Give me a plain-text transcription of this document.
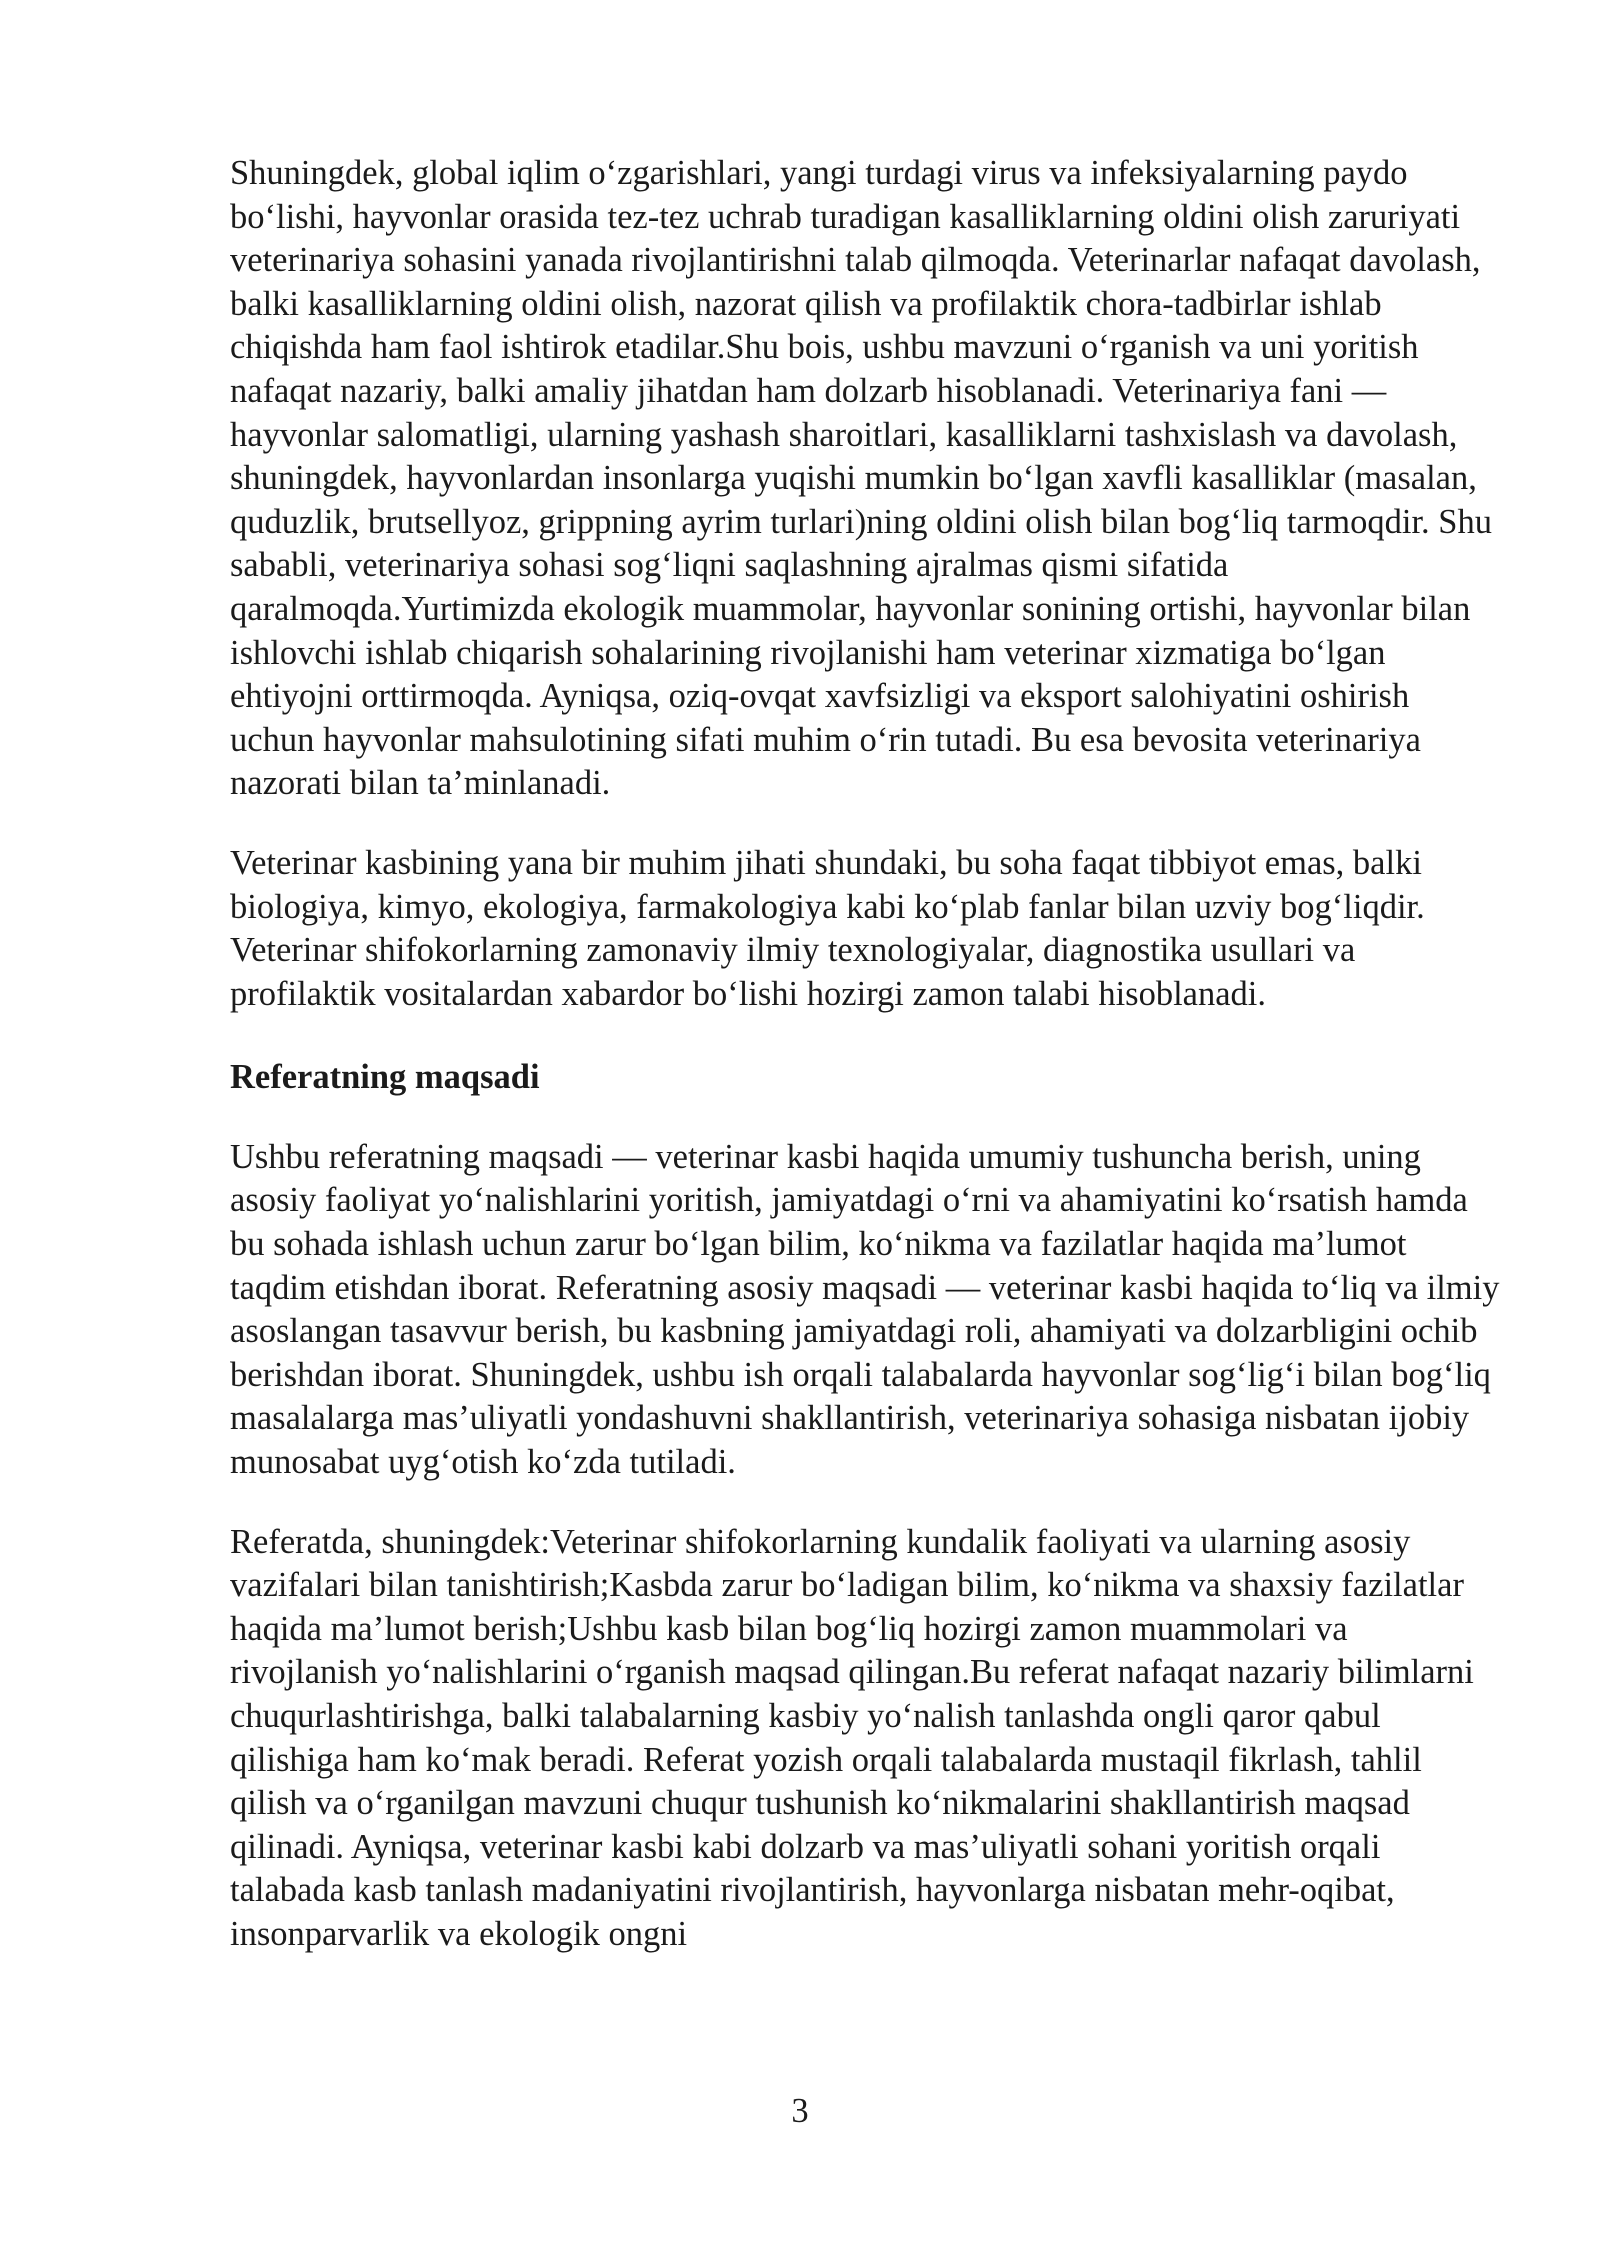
Shuningdek, global iqlim o‘zgarishlari, yangi turdagi virus va infeksiyalarning paydo bo‘lishi, hayvonlar orasida tez-tez uchrab turadigan kasalliklarning oldini olish zaruriyati veterinariya sohasini yanada rivojlantirishni talab qilmoqda. Veterinarlar nafaqat davolash, balki kasalliklarning oldini olish, nazorat qilish va profilaktik chora-tadbirlar ishlab chiqishda ham faol ishtirok etadilar.Shu bois, ushbu mavzuni o‘rganish va uni yoritish nafaqat nazariy, balki amaliy jihatdan ham dolzarb hisoblanadi. Veterinariya fani — hayvonlar salomatligi, ularning yashash sharoitlari, kasalliklarni tashxislash va davolash, shuningdek, hayvonlardan insonlarga yuqishi mumkin bo‘lgan xavfli kasalliklar (masalan, quduzlik, brutsellyoz, grippning ayrim turlari)ning oldini olish bilan bog‘liq tarmoqdir. Shu sababli, veterinariya sohasi sog‘liqni saqlashning ajralmas qismi sifatida qaralmoqda.Yurtimizda ekologik muammolar, hayvonlar sonining ortishi, hayvonlar bilan ishlovchi ishlab chiqarish sohalarining rivojlanishi ham veterinar xizmatiga bo‘lgan ehtiyojni orttirmoqda. Ayniqsa, oziq-ovqat xavfsizligi va eksport salohiyatini oshirish uchun hayvonlar mahsulotining sifati muhim o‘rin tutadi. Bu esa bevosita veterinariya nazorati bilan ta’minlanadi.

Veterinar kasbining yana bir muhim jihati shundaki, bu soha faqat tibbiyot emas, balki biologiya, kimyo, ekologiya, farmakologiya kabi ko‘plab fanlar bilan uzviy bog‘liqdir. Veterinar shifokorlarning zamonaviy ilmiy texnologiyalar, diagnostika usullari va profilaktik vositalardan xabardor bo‘lishi hozirgi zamon talabi hisoblanadi.

Referatning maqsadi

Ushbu referatning maqsadi — veterinar kasbi haqida umumiy tushuncha berish, uning asosiy faoliyat yo‘nalishlarini yoritish, jamiyatdagi o‘rni va ahamiyatini ko‘rsatish hamda bu sohada ishlash uchun zarur bo‘lgan bilim, ko‘nikma va fazilatlar haqida ma’lumot taqdim etishdan iborat. Referatning asosiy maqsadi — veterinar kasbi haqida to‘liq va ilmiy asoslangan tasavvur berish, bu kasbning jamiyatdagi roli, ahamiyati va dolzarbligini ochib berishdan iborat. Shuningdek, ushbu ish orqali talabalarda hayvonlar sog‘lig‘i bilan bog‘liq masalalarga mas’uliyatli yondashuvni shakllantirish, veterinariya sohasiga nisbatan ijobiy munosabat uyg‘otish ko‘zda tutiladi.

Referatda, shuningdek:Veterinar shifokorlarning kundalik faoliyati va ularning asosiy vazifalari bilan tanishtirish;Kasbda zarur bo‘ladigan bilim, ko‘nikma va shaxsiy fazilatlar haqida ma’lumot berish;Ushbu kasb bilan bog‘liq hozirgi zamon muammolari va rivojlanish yo‘nalishlarini o‘rganish maqsad qilingan.Bu referat nafaqat nazariy bilimlarni chuqurlashtirishga, balki talabalarning kasbiy yo‘nalish tanlashda ongli qaror qabul qilishiga ham ko‘mak beradi. Referat yozish orqali talabalarda mustaqil fikrlash, tahlil qilish va o‘rganilgan mavzuni chuqur tushunish ko‘nikmalarini shakllantirish maqsad qilinadi. Ayniqsa, veterinar kasbi kabi dolzarb va mas’uliyatli sohani yoritish orqali talabada kasb tanlash madaniyatini rivojlantirish, hayvonlarga nisbatan mehr-oqibat, insonparvarlik va ekologik ongni

3
